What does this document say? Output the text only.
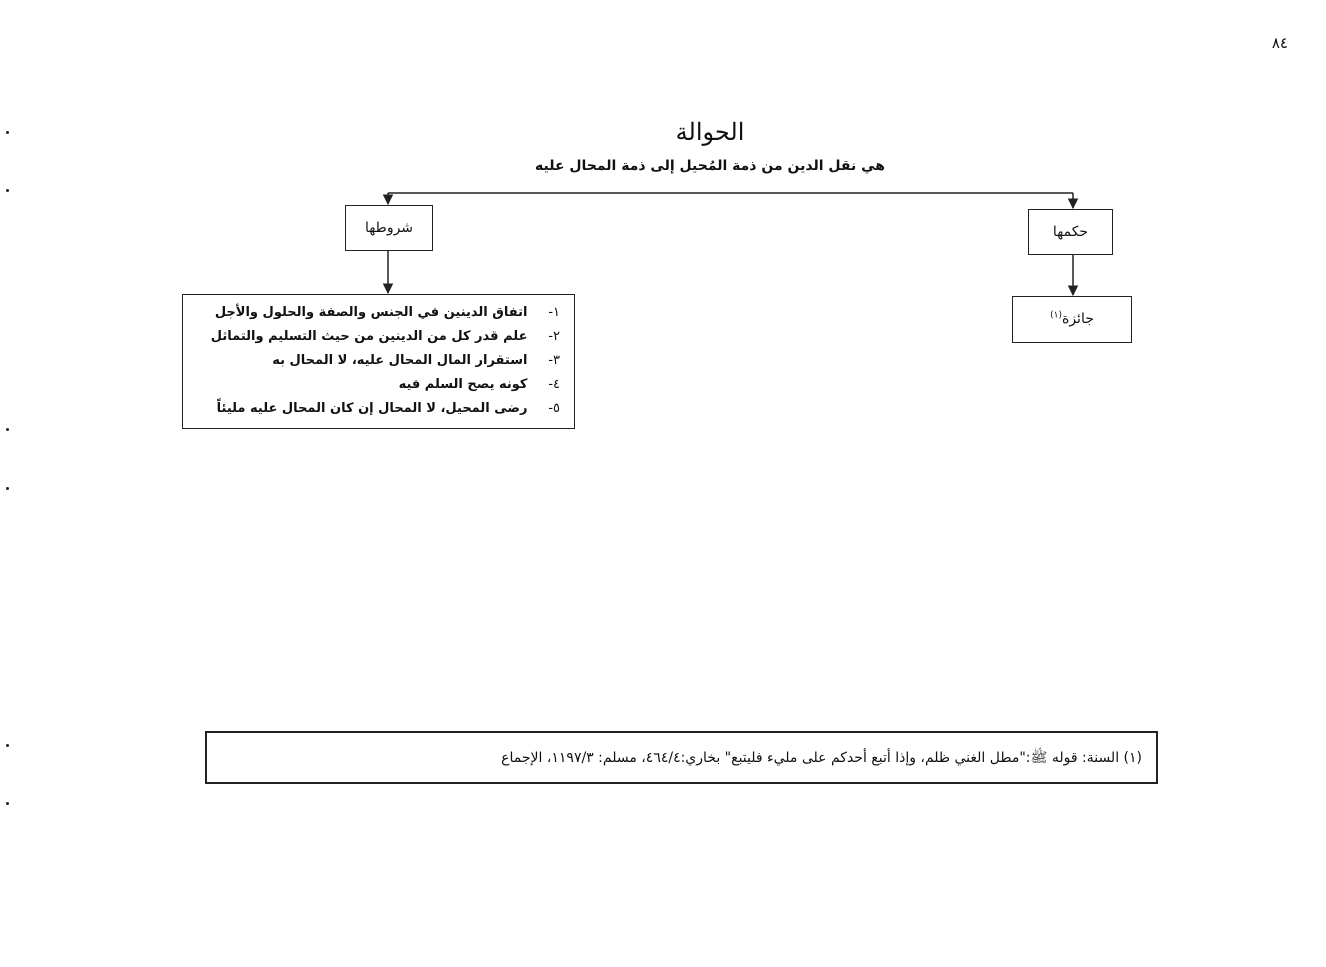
٨٤
الحوالة
هي نقل الدين من ذمة المُحيل إلى ذمة المحال عليه
شروطها	حكمها
جائزة$^{(١)}$
١- اتفاق الدينين في الجنس والصفة والحلول والأجل
٢- علم قدر كل من الدينين من حيث التسليم والتماثل
٣- استقرار المال المحال عليه، لا المحال به
٤- كونه يصح السلم فيه
٥- رضى المحيل، لا المحال إن كان المحال عليه مليئاً
(١) السنة: قوله ﷺ:"مطل الغني ظلم، وإذا أتبع أحدكم على مليء فليتبع" بخاري:٤٦٤/٤، مسلم: ١١٩٧/٣، الإجماع
